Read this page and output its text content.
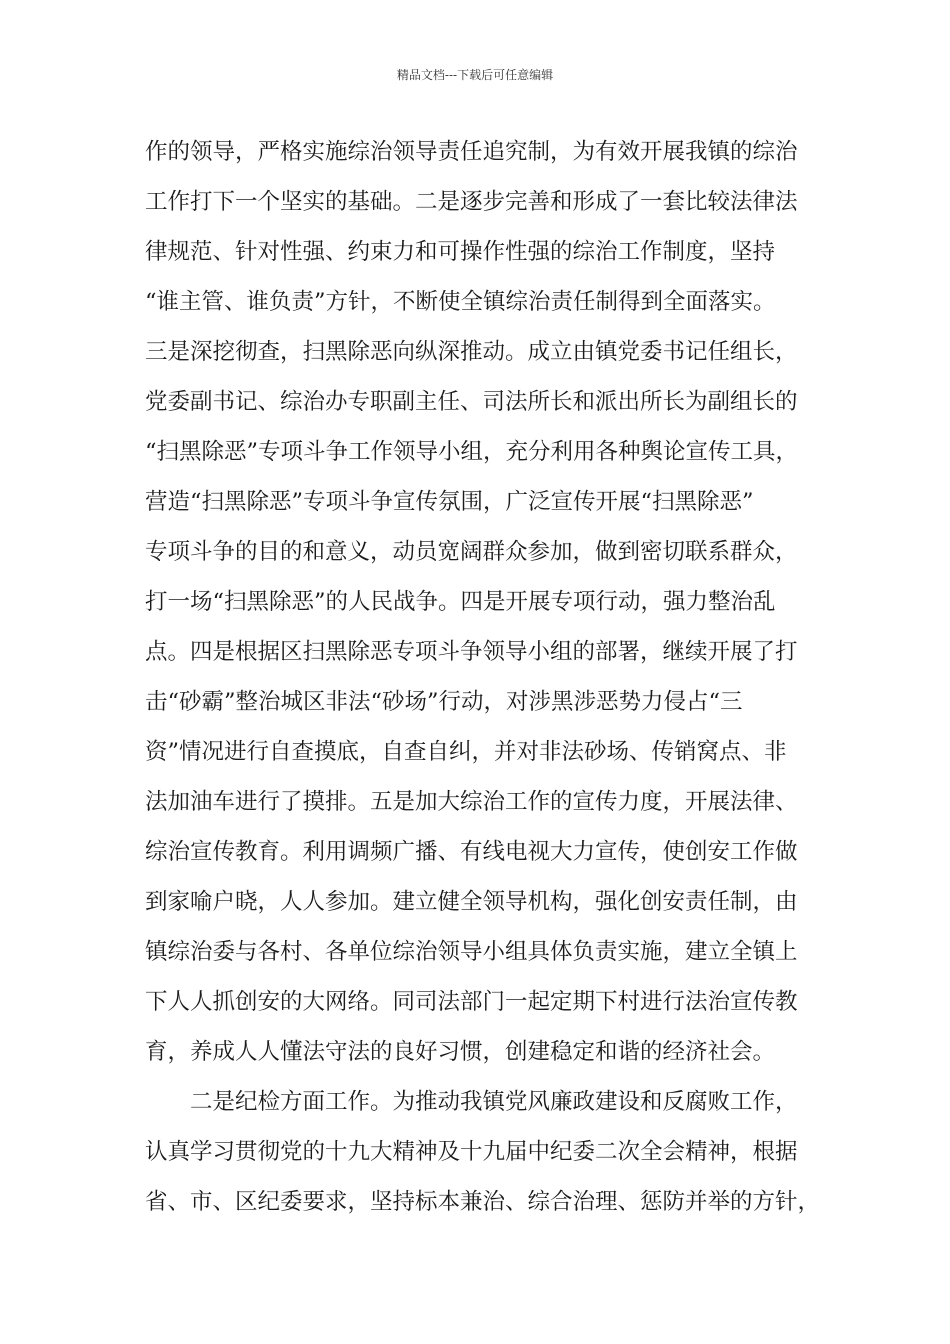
精品文档---下载后可任意编辑
作的领导，严格实施综治领导责任追究制，为有效开展我镇的综治
工作打下一个坚实的基础。二是逐步完善和形成了一套比较法律法
律规范、针对性强、约束力和可操作性强的综治工作制度，坚持
“谁主管、谁负责”方针，不断使全镇综治责任制得到全面落实。
三是深挖彻查，扫黑除恶向纵深推动。成立由镇党委书记任组长，
党委副书记、综治办专职副主任、司法所长和派出所长为副组长的
“扫黑除恶”专项斗争工作领导小组，充分利用各种舆论宣传工具，
营造“扫黑除恶”专项斗争宣传氛围，广泛宣传开展“扫黑除恶”
专项斗争的目的和意义，动员宽阔群众参加，做到密切联系群众，
打一场“扫黑除恶”的人民战争。四是开展专项行动，强力整治乱
点。四是根据区扫黑除恶专项斗争领导小组的部署，继续开展了打
击“砂霸”整治城区非法“砂场”行动，对涉黑涉恶势力侵占“三
资”情况进行自查摸底，自查自纠，并对非法砂场、传销窝点、非
法加油车进行了摸排。五是加大综治工作的宣传力度，开展法律、
综治宣传教育。利用调频广播、有线电视大力宣传，使创安工作做
到家喻户晓，人人参加。建立健全领导机构，强化创安责任制，由
镇综治委与各村、各单位综治领导小组具体负责实施，建立全镇上
下人人抓创安的大网络。同司法部门一起定期下村进行法治宣传教
育，养成人人懂法守法的良好习惯，创建稳定和谐的经济社会。
二是纪检方面工作。为推动我镇党风廉政建设和反腐败工作，
认真学习贯彻党的十九大精神及十九届中纪委二次全会精神，根据
省、市、区纪委要求，坚持标本兼治、综合治理、惩防并举的方针，
